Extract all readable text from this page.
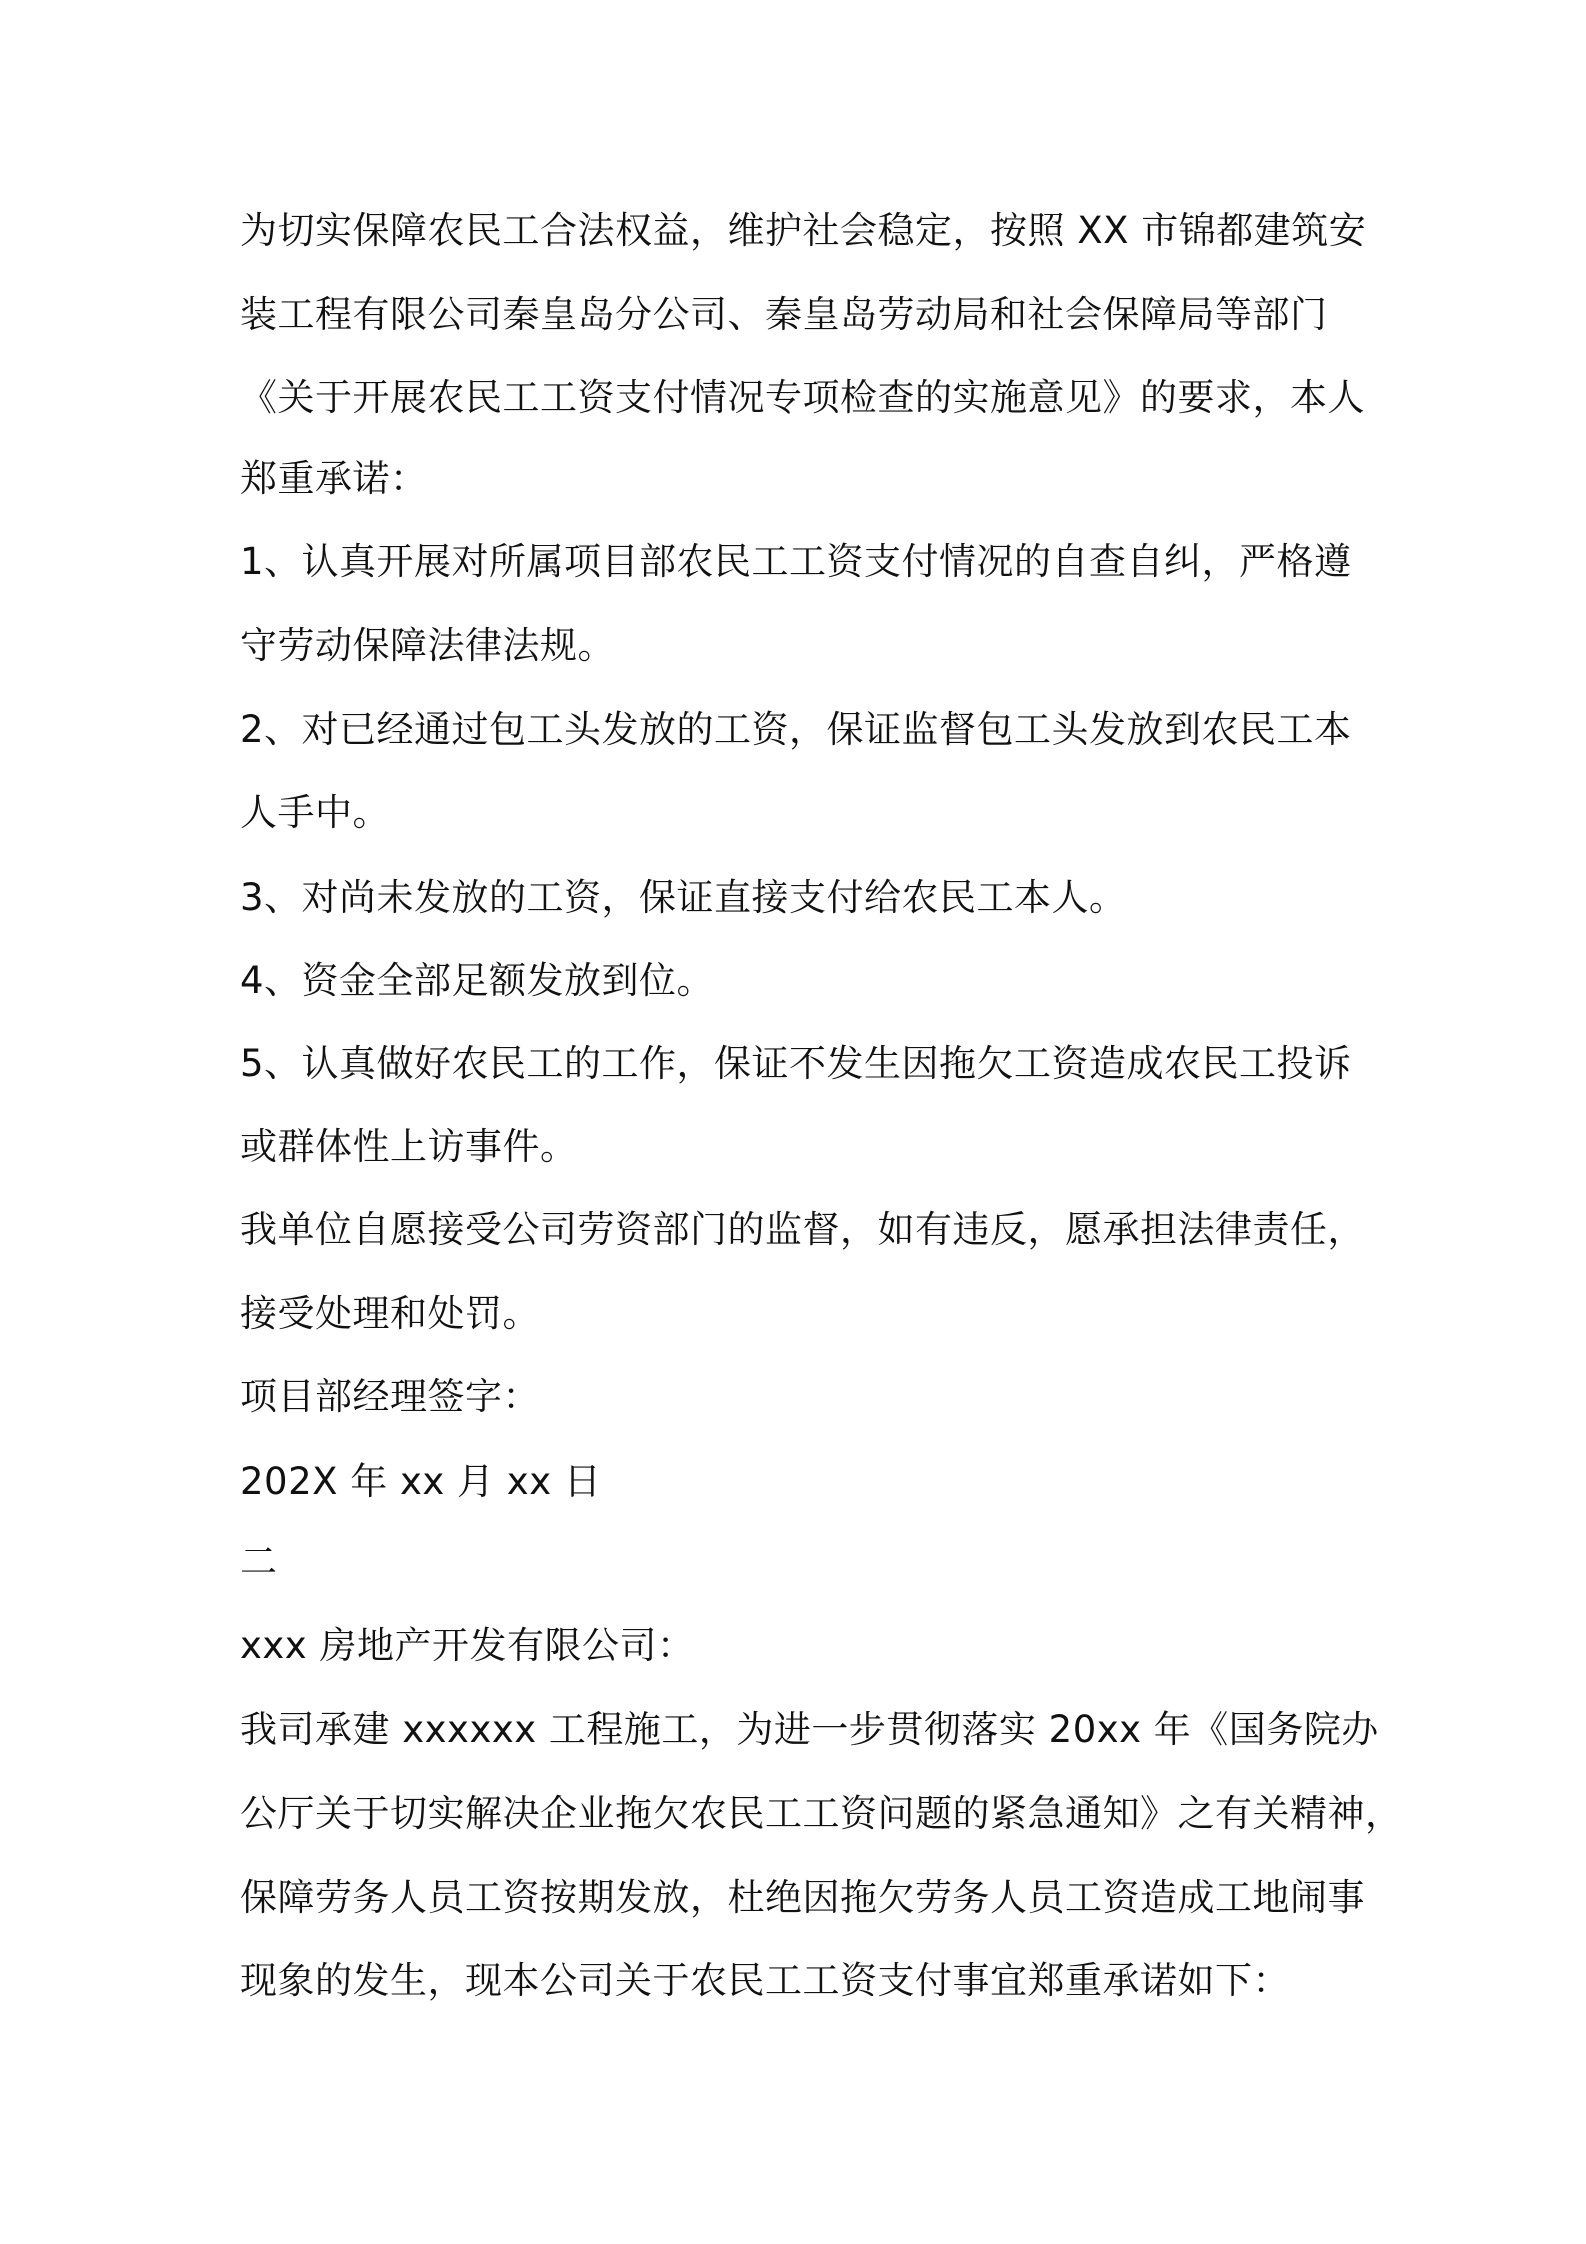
为切实保障农民工合法权益，维护社会稳定，按照 XX 市锦都建筑安
装工程有限公司秦皇岛分公司、秦皇岛劳动局和社会保障局等部门
《关于开展农民工工资支付情况专项检查的实施意见》的要求，本人
郑重承诺：
1、认真开展对所属项目部农民工工资支付情况的自查自纠，严格遵
守劳动保障法律法规。
2、对已经通过包工头发放的工资，保证监督包工头发放到农民工本
人手中。
3、对尚未发放的工资，保证直接支付给农民工本人。
4、资金全部足额发放到位。
5、认真做好农民工的工作，保证不发生因拖欠工资造成农民工投诉
或群体性上访事件。
我单位自愿接受公司劳资部门的监督，如有违反，愿承担法律责任，
接受处理和处罚。
项目部经理签字：
202X 年 xx 月 xx 日
二
xxx 房地产开发有限公司：
我司承建 xxxxxx 工程施工，为进一步贯彻落实 20xx 年《国务院办
公厅关于切实解决企业拖欠农民工工资问题的紧急通知》之有关精神，
保障劳务人员工资按期发放，杜绝因拖欠劳务人员工资造成工地闹事
现象的发生，现本公司关于农民工工资支付事宜郑重承诺如下：
